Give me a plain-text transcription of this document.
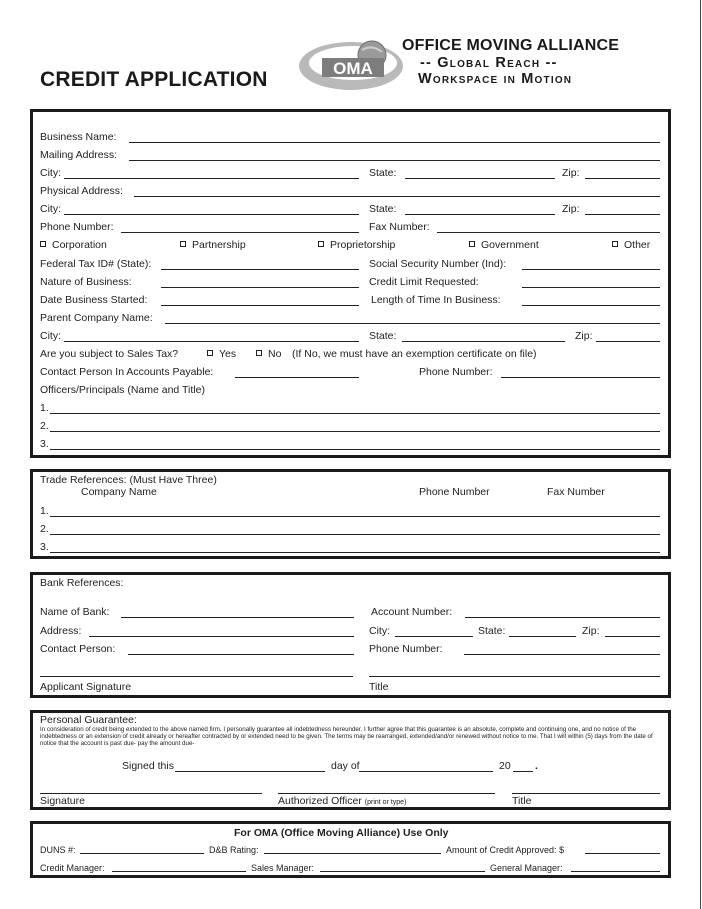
CREDIT APPLICATION	OMA
OFFICE MOVING ALLIANCE
-- Global Reach --
Workspace in Motion
Business Name:
Mailing Address:
City:	State:	Zip:
Physical Address:
City:	State:	Zip:
Phone Number:	Fax Number:
Corporation	Partnership	Proprietorship	Government	Other
Federal Tax ID# (State):	Social Security Number (Ind):
Nature of Business:	Credit Limit Requested:
Date Business Started:	Length of Time In Business:
Parent Company Name:
City:	State:	Zip:
Are you subject to Sales Tax?	Yes	No (If No, we must have an exemption certificate on file)
Contact Person In Accounts Payable:	Phone Number:
Officers/Principals (Name and Title)
1.
2.
3.
Trade References: (Must Have Three)
Company Name	Phone Number	Fax Number
1.
2.
3.
Bank References:
Name of Bank:	Account Number:
Address:	City:	State:	Zip:
Contact Person:	Phone Number:
Applicant Signature	Title
Personal Guarantee:
In consideration of credit being extended to the above named firm, I personally guarantee all indebtedness hereunder. I further agree that this guarantee is an absolute, complete and continuing one, and no notice of the indebtedness or an extension of credit already or hereafter contracted by or extended need to be given. The terms may be rearranged, extended/and/or renewed without notice to me. That I will within (5) days from the date of notice that the account is past due- pay the amount due-
Signed this	day of	20 .
Signature	Authorized Officer (print or type)	Title
For OMA (Office Moving Alliance) Use Only
DUNS #:	D&B Rating:	Amount of Credit Approved: $
Credit Manager:	Sales Manager:	General Manager:
